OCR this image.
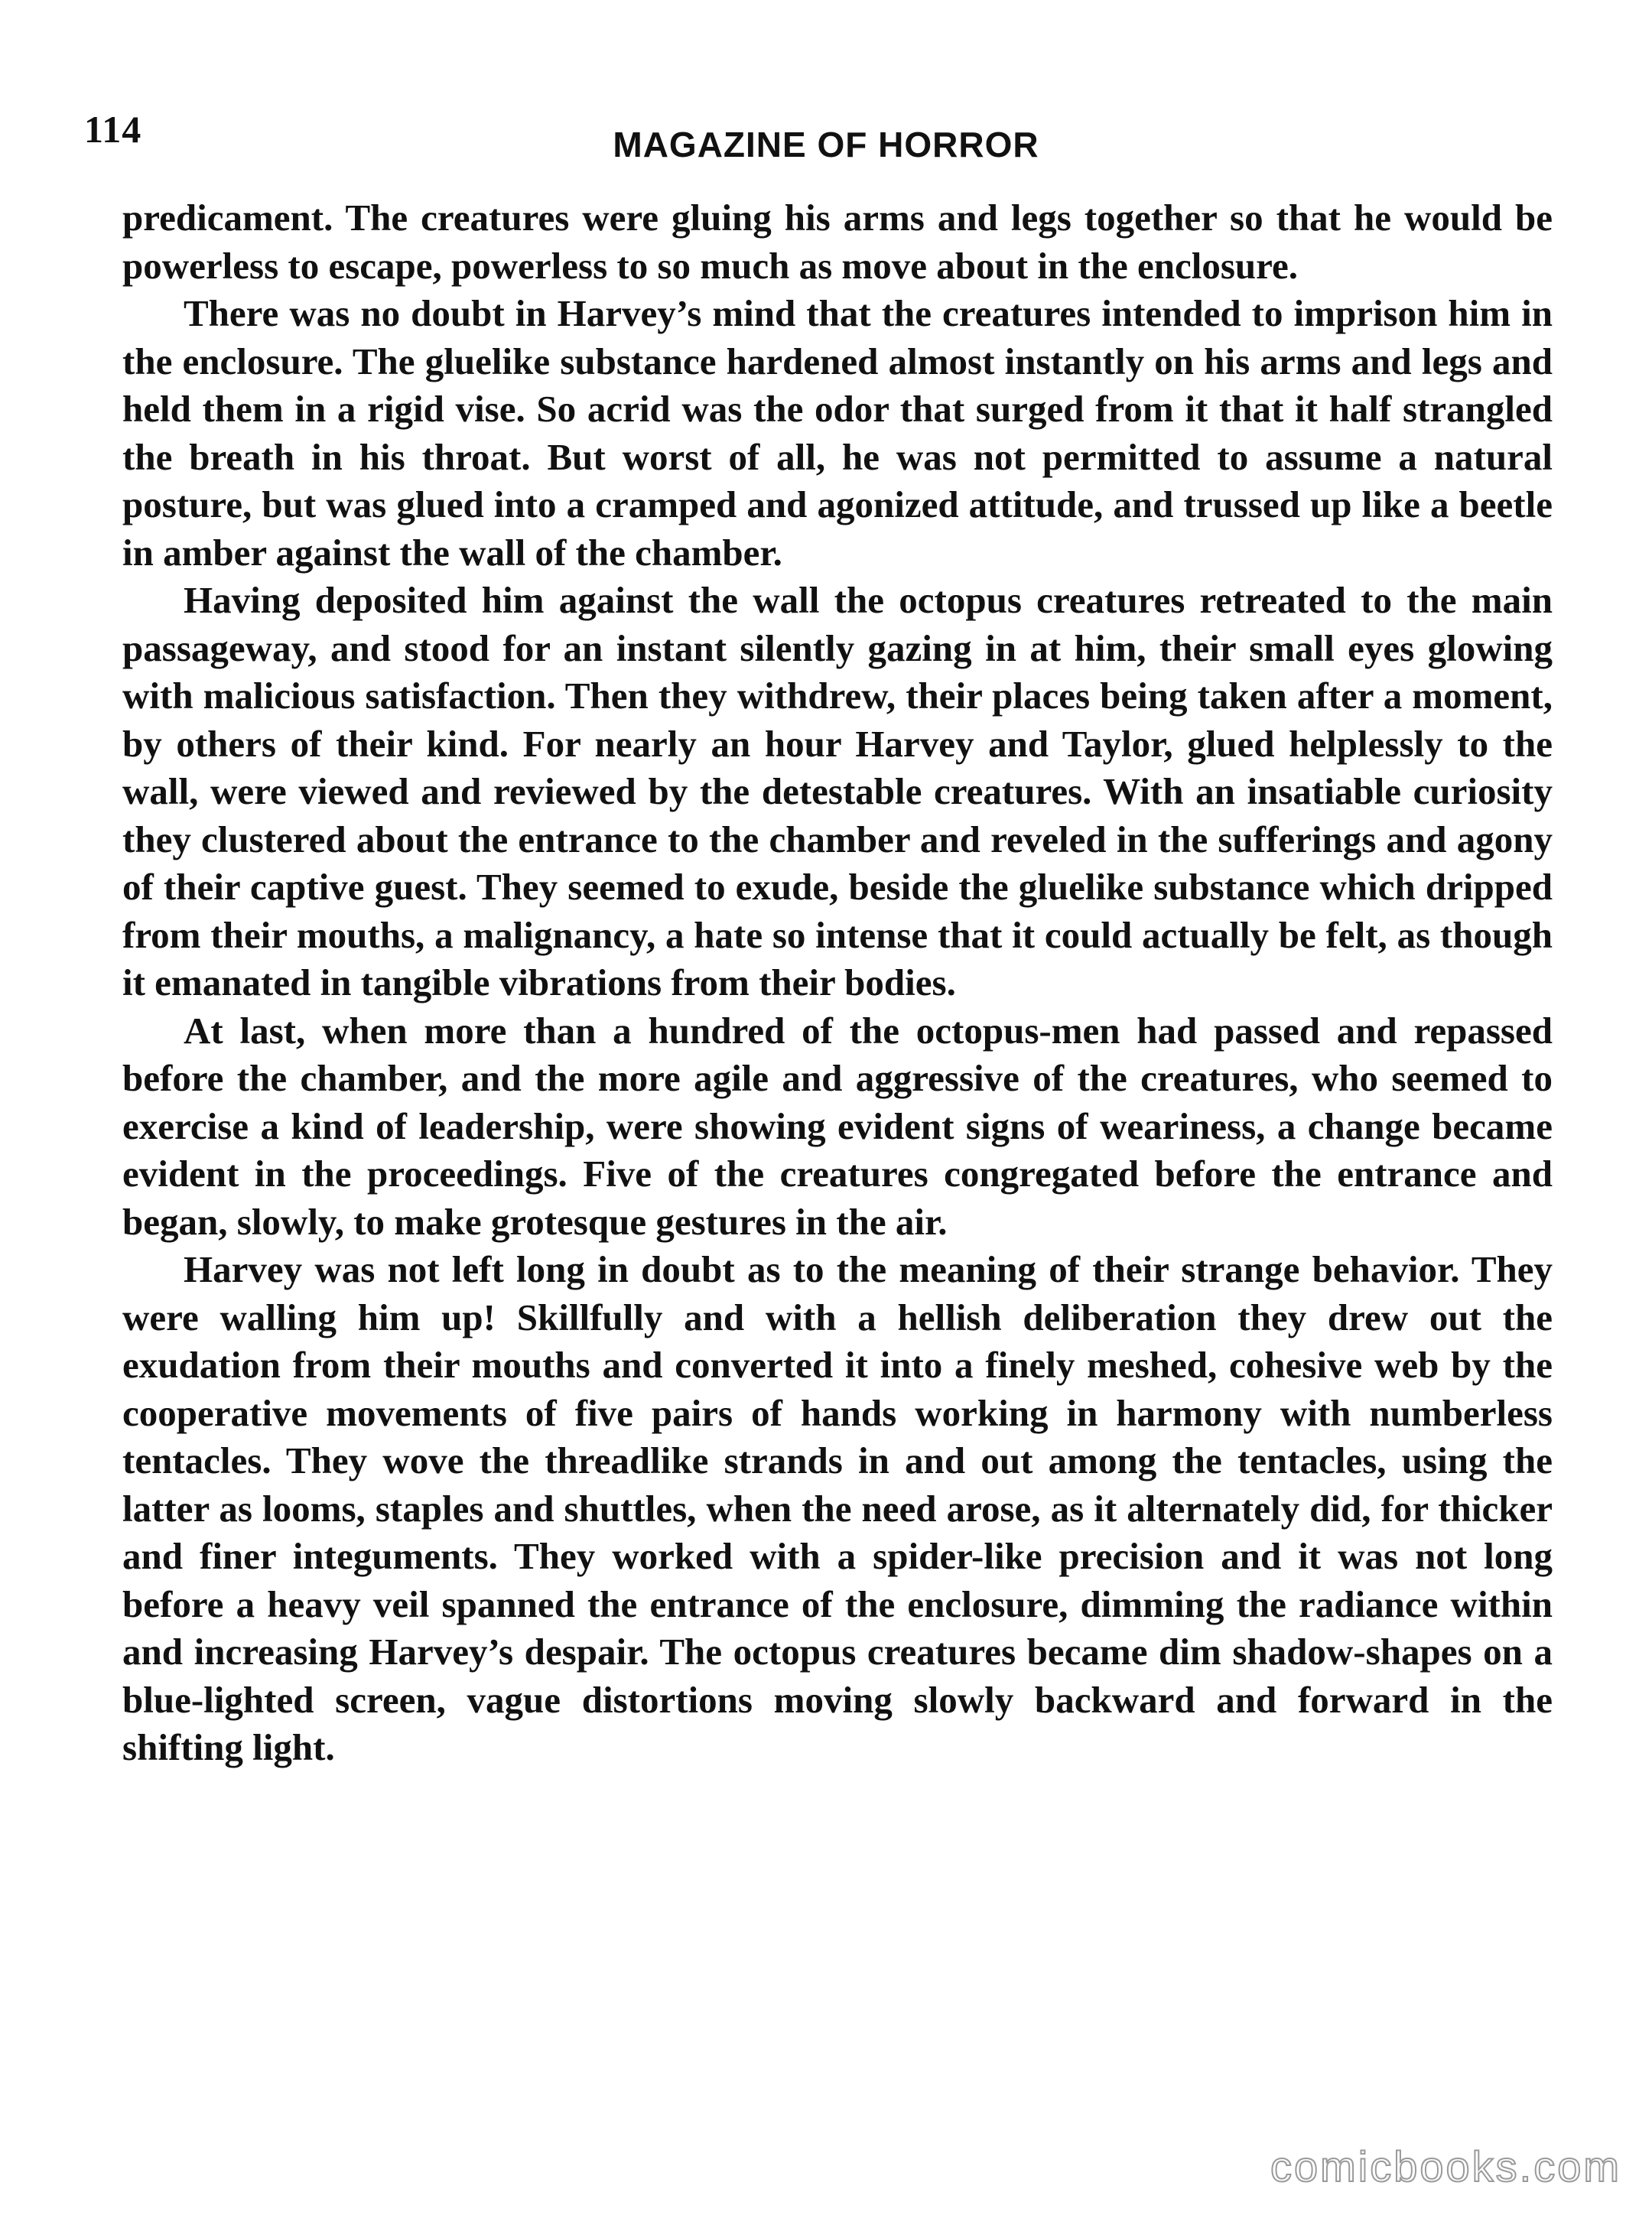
114	MAGAZINE OF HORROR

predicament. The creatures were gluing his arms and legs together so that he would be powerless to escape, powerless to so much as move about in the enclosure.

There was no doubt in Harvey’s mind that the creatures intended to imprison him in the enclosure. The gluelike substance hardened almost instantly on his arms and legs and held them in a rigid vise. So acrid was the odor that surged from it that it half strangled the breath in his throat. But worst of all, he was not permitted to assume a natural posture, but was glued into a cramped and agonized attitude, and trussed up like a beetle in amber against the wall of the chamber.

Having deposited him against the wall the octopus creatures retreated to the main passageway, and stood for an instant silently gazing in at him, their small eyes glowing with malicious satisfaction. Then they withdrew, their places being taken after a moment, by others of their kind. For nearly an hour Harvey and Taylor, glued helplessly to the wall, were viewed and reviewed by the detestable creatures. With an insatiable curiosity they clustered about the entrance to the chamber and reveled in the sufferings and agony of their captive guest. They seemed to exude, beside the gluelike substance which dripped from their mouths, a malignancy, a hate so intense that it could actually be felt, as though it emanated in tangible vibrations from their bodies.

At last, when more than a hundred of the octopus-men had passed and repassed before the chamber, and the more agile and aggressive of the creatures, who seemed to exercise a kind of leadership, were showing evident signs of weariness, a change became evident in the proceedings. Five of the creatures congregated before the entrance and began, slowly, to make grotesque gestures in the air.

Harvey was not left long in doubt as to the meaning of their strange behavior. They were walling him up! Skillfully and with a hellish deliberation they drew out the exudation from their mouths and converted it into a finely meshed, cohesive web by the cooperative movements of five pairs of hands working in harmony with numberless tentacles. They wove the threadlike strands in and out among the tentacles, using the latter as looms, staples and shuttles, when the need arose, as it alternately did, for thicker and finer integuments. They worked with a spider-like precision and it was not long before a heavy veil spanned the entrance of the enclosure, dimming the radiance within and increasing Harvey’s despair. The octopus creatures became dim shadow-shapes on a blue-lighted screen, vague distortions moving slowly backward and forward in the shifting light.

comicbooks.com
